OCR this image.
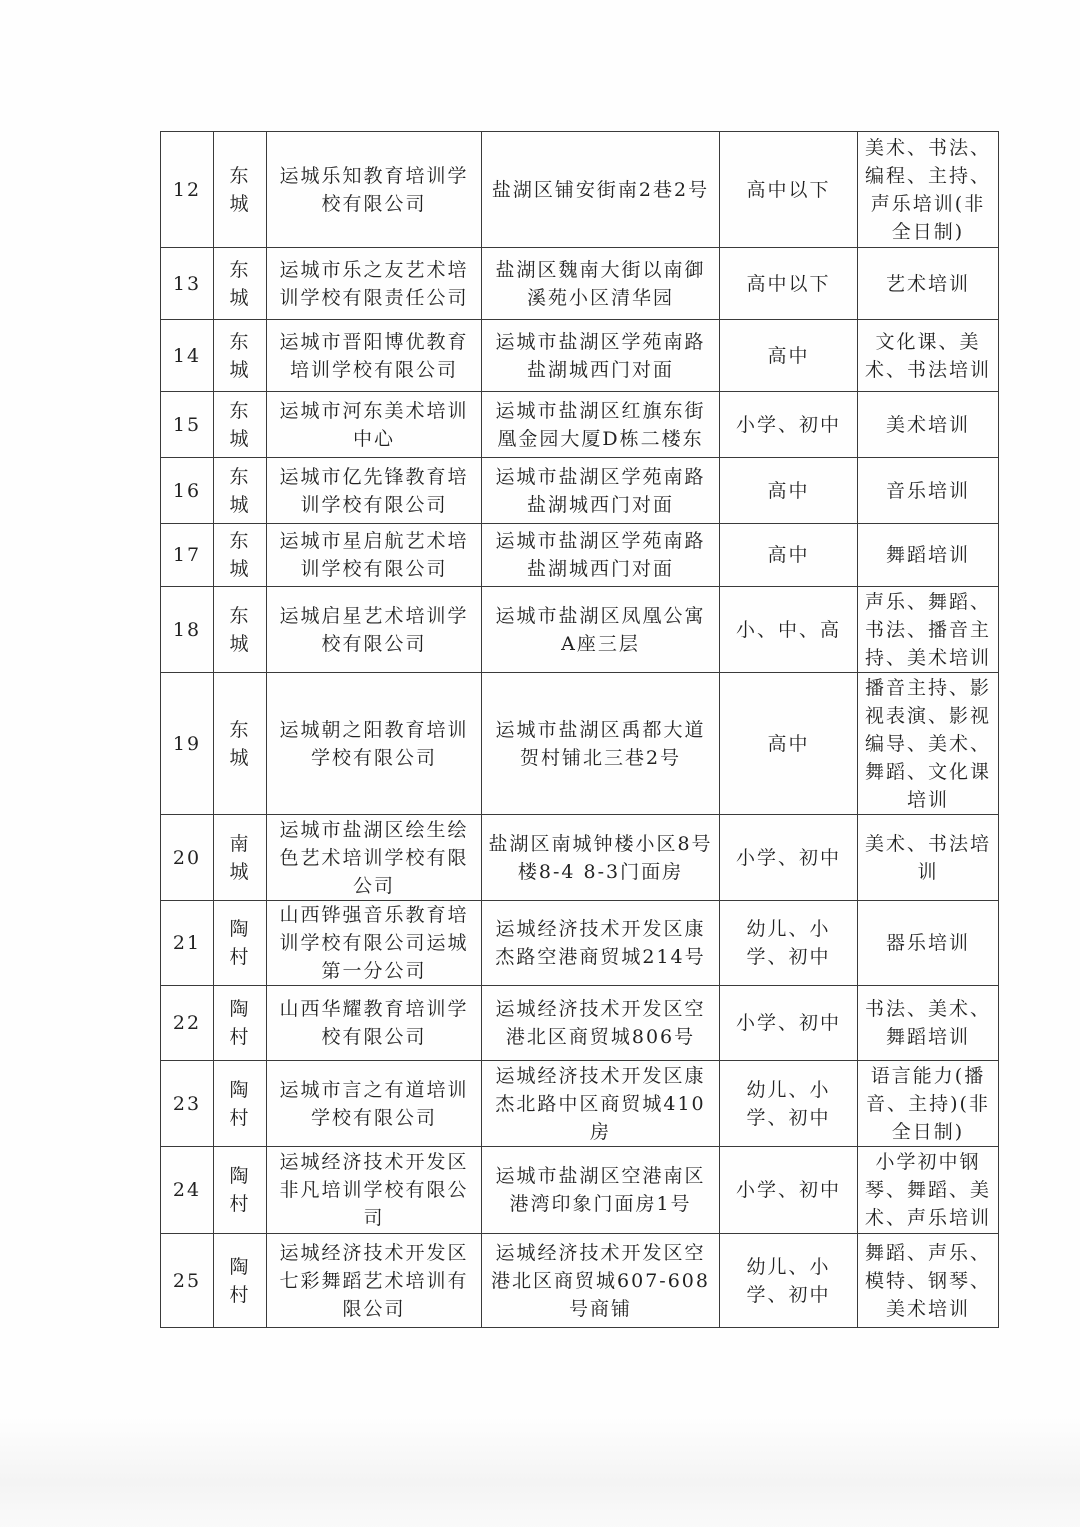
12	东城	运城乐知教育培训学校有限公司	盐湖区铺安街南2巷2号	高中以下	美术、书法、编程、主持、声乐培训(非全日制)
13	东城	运城市乐之友艺术培训学校有限责任公司	盐湖区魏南大街以南御溪苑小区清华园	高中以下	艺术培训
14	东城	运城市晋阳博优教育培训学校有限公司	运城市盐湖区学苑南路盐湖城西门对面	高中	文化课、美术、书法培训
15	东城	运城市河东美术培训中心	运城市盐湖区红旗东街凰金园大厦D栋二楼东	小学、初中	美术培训
16	东城	运城市亿先锋教育培训学校有限公司	运城市盐湖区学苑南路盐湖城西门对面	高中	音乐培训
17	东城	运城市星启航艺术培训学校有限公司	运城市盐湖区学苑南路盐湖城西门对面	高中	舞蹈培训
18	东城	运城启星艺术培训学校有限公司	运城市盐湖区凤凰公寓A座三层	小、中、高	声乐、舞蹈、书法、播音主持、美术培训
19	东城	运城朝之阳教育培训学校有限公司	运城市盐湖区禹都大道贺村铺北三巷2号	高中	播音主持、影视表演、影视编导、美术、舞蹈、文化课培训
20	南城	运城市盐湖区绘生绘色艺术培训学校有限公司	盐湖区南城钟楼小区8号楼8-4 8-3门面房	小学、初中	美术、书法培训
21	陶村	山西铧强音乐教育培训学校有限公司运城第一分公司	运城经济技术开发区康杰路空港商贸城214号	幼儿、小学、初中	器乐培训
22	陶村	山西华耀教育培训学校有限公司	运城经济技术开发区空港北区商贸城806号	小学、初中	书法、美术、舞蹈培训
23	陶村	运城市言之有道培训学校有限公司	运城经济技术开发区康杰北路中区商贸城410房	幼儿、小学、初中	语言能力(播音、主持)(非全日制)
24	陶村	运城经济技术开发区非凡培训学校有限公司	运城市盐湖区空港南区港湾印象门面房1号	小学、初中	小学初中钢琴、舞蹈、美术、声乐培训
25	陶村	运城经济技术开发区七彩舞蹈艺术培训有限公司	运城经济技术开发区空港北区商贸城607-608号商铺	幼儿、小学、初中	舞蹈、声乐、模特、钢琴、美术培训
